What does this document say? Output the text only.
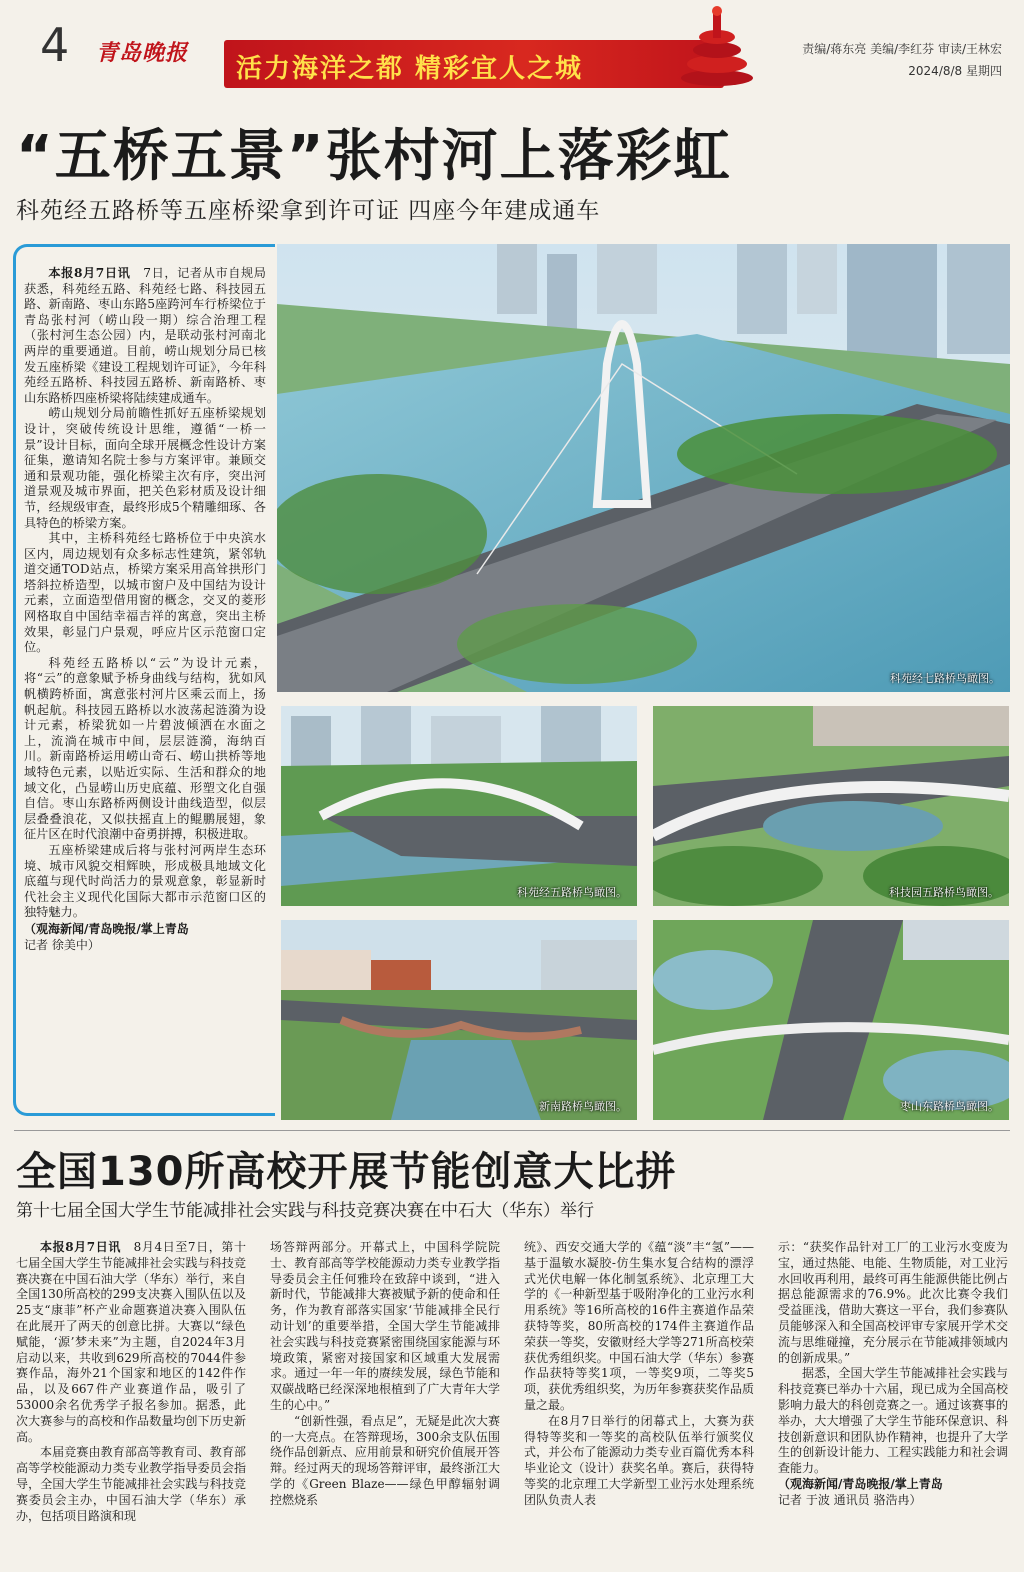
4 青岛晚报
活力海洋之都 精彩宜人之城
责编/蒋东亮 美编/李红芬 审读/王林宏
2024/8/8 星期四
“五桥五景”张村河上落彩虹
科苑经五路桥等五座桥梁拿到许可证 四座今年建成通车

本报8月7日讯　 7日，记者从市自规局获悉，科苑经五路、科苑经七路、科技园五路、新南路、枣山东路5座跨河车行桥梁位于青岛张村河（崂山段一期）综合治理工程（张村河生态公园）内，是联动张村河南北两岸的重要通道。目前，崂山规划分局已核发五座桥梁《建设工程规划许可证》，今年科苑经五路桥、科技园五路桥、新南路桥、枣山东路桥四座桥梁将陆续建成通车。

崂山规划分局前瞻性抓好五座桥梁规划设计，突破传统设计思维，遵循“一桥一景”设计目标，面向全球开展概念性设计方案征集，邀请知名院士参与方案评审。兼顾交通和景观功能，强化桥梁主次有序，突出河道景观及城市界面，把关色彩材质及设计细节，经规级审查，最终形成5个精雕细琢、各具特色的桥梁方案。

其中，主桥科苑经七路桥位于中央滨水区内，周边规划有众多标志性建筑，紧邻轨道交通TOD站点，桥梁方案采用高耸拱形门塔斜拉桥造型，以城市窗户及中国结为设计元素，立面造型借用窗的概念，交叉的菱形网格取自中国结幸福吉祥的寓意，突出主桥效果，彰显门户景观，呼应片区示范窗口定位。

科苑经五路桥以“云”为设计元素，将“云”的意象赋予桥身曲线与结构，犹如风帆横跨桥面，寓意张村河片区乘云而上，扬帆起航。科技园五路桥以水波荡起涟漪为设计元素，桥梁犹如一片碧波倾洒在水面之上，流淌在城市中间，层层涟漪，海纳百川。新南路桥运用崂山奇石、崂山拱桥等地域特色元素，以贴近实际、生活和群众的地域文化，凸显崂山历史底蕴、形塑文化自强自信。枣山东路桥两侧设计曲线造型，似层层叠叠浪花，又似扶摇直上的鲲鹏展翅，象征片区在时代浪潮中奋勇拼搏，积极进取。

五座桥梁建成后将与张村河两岸生态环境、城市风貌交相辉映，形成极具地域文化底蕴与现代时尚活力的景观意象，彰显新时代社会主义现代化国际大都市示范窗口区的独特魅力。

（观海新闻/青岛晚报/掌上青岛
记者 徐美中）
科苑经七路桥鸟瞰图。
科苑经五路桥鸟瞰图。	科技园五路桥鸟瞰图。
新南路桥鸟瞰图。	枣山东路桥鸟瞰图。
全国130所高校开展节能创意大比拼
第十七届全国大学生节能减排社会实践与科技竞赛决赛在中石大（华东）举行

本报8月7日讯　 8月4日至7日，第十七届全国大学生节能减排社会实践与科技竞赛决赛在中国石油大学（华东）举行，来自全国130所高校的299支决赛入围队伍以及25支“康菲”杯产业命题赛道决赛入围队伍在此展开了两天的创意比拼。大赛以“绿色赋能，‘源’梦未来”为主题，自2024年3月启动以来，共收到629所高校的7044件参赛作品，海外21个国家和地区的142件作品，以及667件产业赛道作品，吸引了53000余名优秀学子报名参加。据悉，此次大赛参与的高校和作品数量均创下历史新高。

本届竞赛由教育部高等教育司、教育部高等学校能源动力类专业教学指导委员会指导，全国大学生节能减排社会实践与科技竞赛委员会主办，中国石油大学（华东）承办，包括项目路演和现

场答辩两部分。开幕式上，中国科学院院士、教育部高等学校能源动力类专业教学指导委员会主任何雅玲在致辞中谈到，“进入新时代，节能减排大赛被赋予新的使命和任务，作为教育部落实国家‘节能减排全民行动计划’的重要举措，全国大学生节能减排社会实践与科技竞赛紧密围绕国家能源与环境政策，紧密对接国家和区域重大发展需求。通过一年一年的赓续发展，绿色节能和双碳战略已经深深地根植到了广大青年大学生的心中。”

“创新性强，看点足”，无疑是此次大赛的一大亮点。在答辩现场，300余支队伍围绕作品创新点、应用前景和研究价值展开答辩。经过两天的现场答辩评审，最终浙江大学的《Green Blaze——绿色甲醇辐射调控燃烧系

统》、西安交通大学的《蕴“淡”丰“氢”——基于温敏水凝胶-仿生集水复合结构的漂浮式光伏电解一体化制氢系统》、北京理工大学的《一种新型基于吸附净化的工业污水利用系统》等16所高校的16件主赛道作品荣获特等奖，80所高校的174件主赛道作品荣获一等奖，安徽财经大学等271所高校荣获优秀组织奖。中国石油大学（华东）参赛作品获特等奖1项，一等奖9项，二等奖5项，获优秀组织奖，为历年参赛获奖作品质量之最。

在8月7日举行的闭幕式上，大赛为获得特等奖和一等奖的高校队伍举行颁奖仪式，并公布了能源动力类专业百篇优秀本科毕业论文（设计）获奖名单。赛后，获得特等奖的北京理工大学新型工业污水处理系统团队负责人表

示：“获奖作品针对工厂的工业污水变废为宝，通过热能、电能、生物质能，对工业污水回收再利用，最终可再生能源供能比例占据总能源需求的76.9%。此次比赛令我们受益匪浅，借助大赛这一平台，我们参赛队员能够深入和全国高校评审专家展开学术交流与思维碰撞，充分展示在节能减排领域内的创新成果。”

据悉，全国大学生节能减排社会实践与科技竞赛已举办十六届，现已成为全国高校影响力最大的科创竞赛之一。通过该赛事的举办，大大增强了大学生节能环保意识、科技创新意识和团队协作精神，也提升了大学生的创新设计能力、工程实践能力和社会调查能力。

（观海新闻/青岛晚报/掌上青岛
记者 于波 通讯员 骆浩冉）
